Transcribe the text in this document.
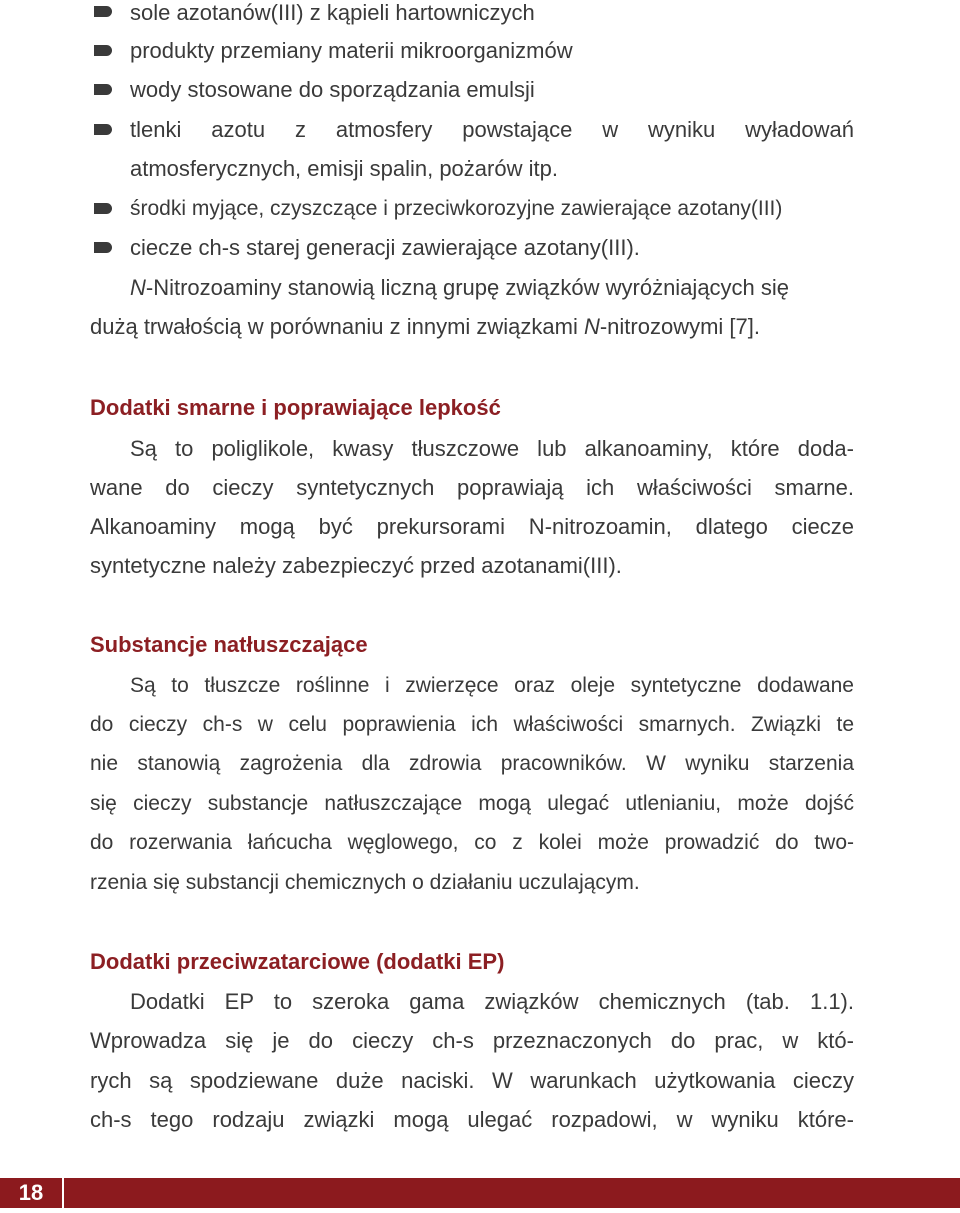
sole azotanów(III) z kąpieli hartowniczych
produkty przemiany materii mikroorganizmów
wody stosowane do sporządzania emulsji
tlenki azotu z atmosfery powstające w wyniku wyładowań
atmosferycznych, emisji spalin, pożarów itp.
środki myjące, czyszczące i przeciwkorozyjne zawierające azotany(III)
ciecze ch-s starej generacji zawierające azotany(III).
N-Nitrozoaminy stanowią liczną grupę związków wyróżniających się
dużą trwałością w porównaniu z innymi związkami N-nitrozowymi [7].
Dodatki smarne i poprawiające lepkość
Są to poliglikole, kwasy tłuszczowe lub alkanoaminy, które doda-
wane do cieczy syntetycznych poprawiają ich właściwości smarne.
Alkanoaminy mogą być prekursorami N-nitrozoamin, dlatego ciecze
syntetyczne należy zabezpieczyć przed azotanami(III).
Substancje natłuszczające
Są to tłuszcze roślinne i zwierzęce oraz oleje syntetyczne dodawane
do cieczy ch-s w celu poprawienia ich właściwości smarnych. Związki te
nie stanowią zagrożenia dla zdrowia pracowników. W wyniku starzenia
się cieczy substancje natłuszczające mogą ulegać utlenianiu, może dojść
do rozerwania łańcucha węglowego, co z kolei może prowadzić do two-
rzenia się substancji chemicznych o działaniu uczulającym.
Dodatki przeciwzatarciowe (dodatki EP)
Dodatki EP to szeroka gama związków chemicznych (tab. 1.1).
Wprowadza się je do cieczy ch-s przeznaczonych do prac, w któ-
rych są spodziewane duże naciski. W warunkach użytkowania cieczy
ch-s tego rodzaju związki mogą ulegać rozpadowi, w wyniku które-
18
